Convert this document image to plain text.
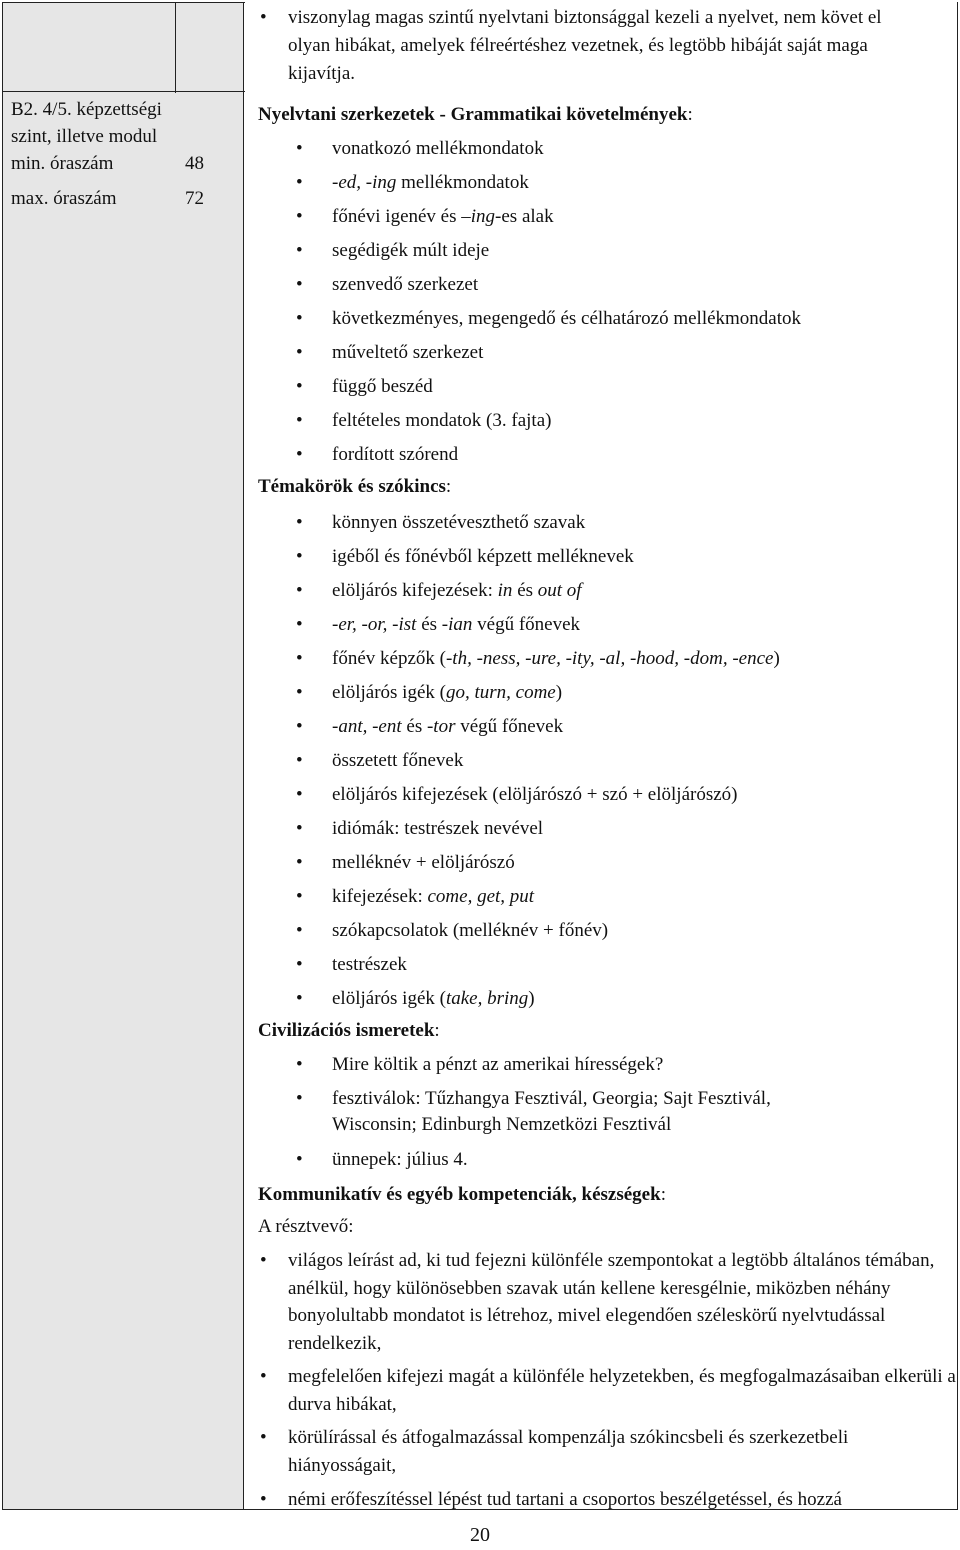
B2. 4/5. képzettségi
szint, illetve modul
min. óraszám	48
max. óraszám	72
• viszonylag magas szintű nyelvtani biztonsággal kezeli a nyelvet, nem követ el olyan hibákat, amelyek félreértéshez vezetnek, és legtöbb hibáját saját maga kijavítja.
Nyelvtani szerkezetek - Grammatikai követelmények:
• vonatkozó mellékmondatok
• -ed, -ing mellékmondatok
• főnévi igenév és –ing-es alak
• segédigék múlt ideje
• szenvedő szerkezet
• következményes, megengedő és célhatározó mellékmondatok
• műveltető szerkezet
• függő beszéd
• feltételes mondatok (3. fajta)
• fordított szórend
Témakörök és szókincs:
• könnyen összetéveszthető szavak
• igéből és főnévből képzett melléknevek
• elöljárós kifejezések: in és out of
• -er, -or, -ist és -ian végű főnevek
• főnév képzők (-th, -ness, -ure, -ity, -al, -hood, -dom, -ence)
• elöljárós igék (go, turn, come)
• -ant, -ent és -tor végű főnevek
• összetett főnevek
• elöljárós kifejezések (elöljárószó + szó + elöljárószó)
• idiómák: testrészek nevével
• melléknév + elöljárószó
• kifejezések: come, get, put
• szókapcsolatok (melléknév + főnév)
• testrészek
• elöljárós igék (take, bring)
Civilizációs ismeretek:
• Mire költik a pénzt az amerikai hírességek?
• fesztiválok: Tűzhangya Fesztivál, Georgia; Sajt Fesztivál,
Wisconsin; Edinburgh Nemzetközi Fesztivál
• ünnepek: július 4.
Kommunikatív és egyéb kompetenciák, készségek:
A résztvevő:
• világos leírást ad, ki tud fejezni különféle szempontokat a legtöbb általános témában, anélkül, hogy különösebben szavak után kellene keresgélnie, miközben néhány bonyolultabb mondatot is létrehoz, mivel elegendően széleskörű nyelvtudással rendelkezik,
• megfelelően kifejezi magát a különféle helyzetekben, és megfogalmazásaiban elkerüli a durva hibákat,
• körülírással és átfogalmazással kompenzálja szókincsbeli és szerkezetbeli hiányosságait,
• némi erőfeszítéssel lépést tud tartani a csoportos beszélgetéssel, és hozzá
20
